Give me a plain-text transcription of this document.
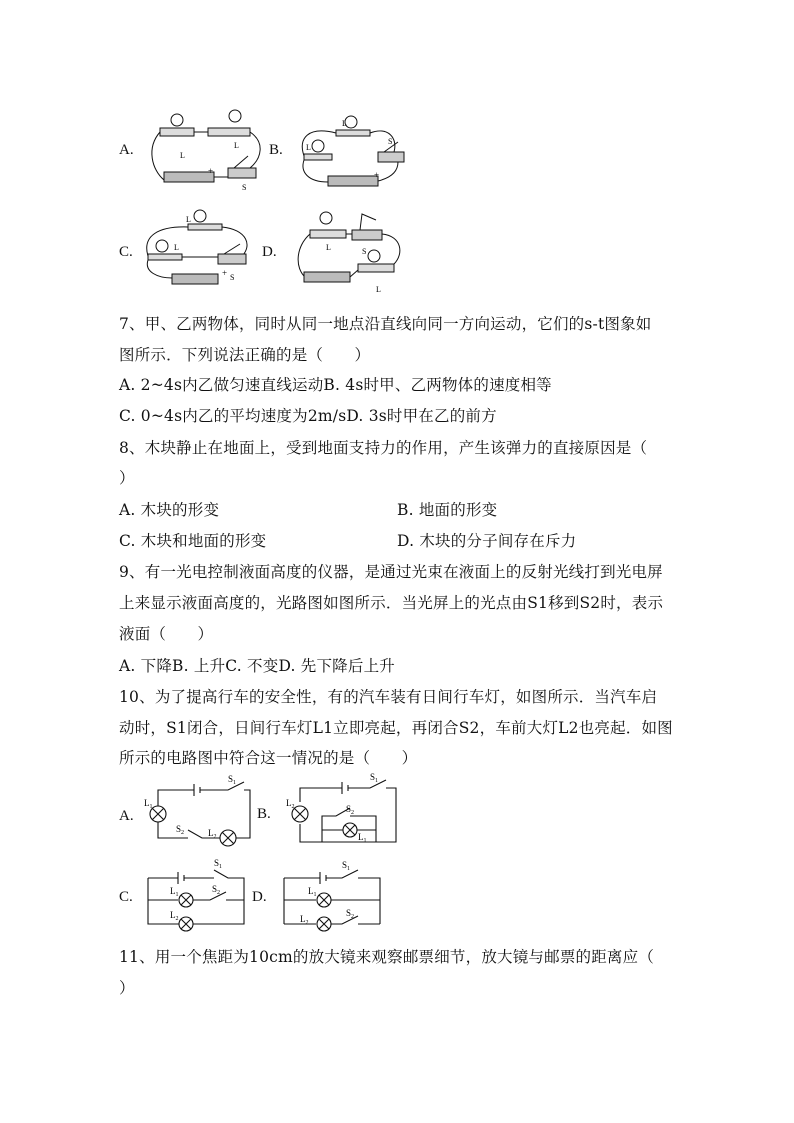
A.	B.
C.	D.
L
L
S
+
L
L
S
+
L
L
S
+
L	S
L
7、甲、乙两物体，同时从同一地点沿直线向同一方向运动，它们的s-t图象如
图所示．下列说法正确的是（　　）
A. 2~4s内乙做匀速直线运动B. 4s时甲、乙两物体的速度相等
C. 0~4s内乙的平均速度为2m/sD. 3s时甲在乙的前方
8、木块静止在地面上，受到地面支持力的作用，产生该弹力的直接原因是（
）
A. 木块的形变	B. 地面的形变
C. 木块和地面的形变	D. 木块的分子间存在斥力
9、有一光电控制液面高度的仪器，是通过光束在液面上的反射光线打到光电屏
上来显示液面高度的，光路图如图所示．当光屏上的光点由S1移到S2时，表示
液面（　　）
A. 下降B. 上升C. 不变D. 先下降后上升
10、为了提高行车的安全性，有的汽车装有日间行车灯，如图所示．当汽车启
动时，S1闭合，日间行车灯L1立即亮起，再闭合S2，车前大灯L2也亮起．如图
所示的电路图中符合这一情况的是（　　）
A.	B.
C.	D.
$S_1$
$L_1$
$S_2$	$L_2$
$S_1$
$L_2$	$S_2$
$L_1$
$S_1$
$L_1$
$S_2$
$L_2$
$S_1$
$L_1$
$L_2$
$S_2$
11、用一个焦距为10cm的放大镜来观察邮票细节，放大镜与邮票的距离应（
）
